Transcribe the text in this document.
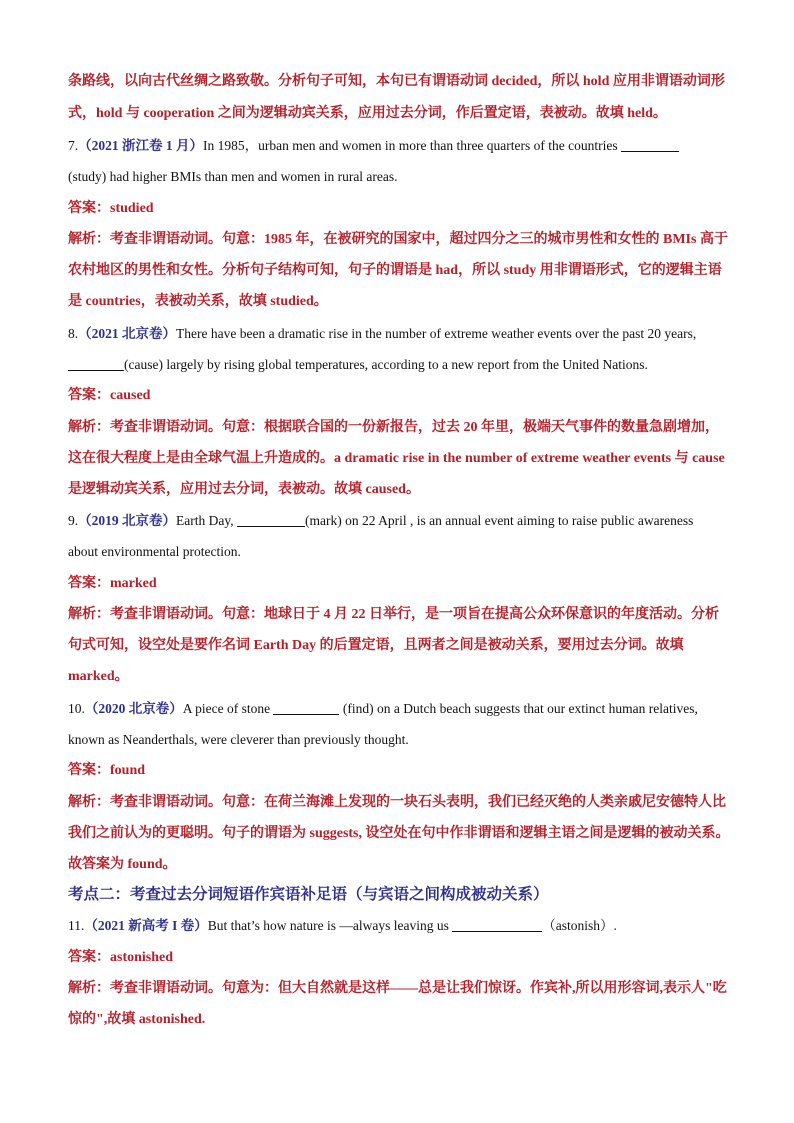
条路线，以向古代丝绸之路致敬。分析句子可知，本句已有谓语动词 decided，所以 hold 应用非谓语动词形
式，hold 与 cooperation 之间为逻辑动宾关系，应用过去分词，作后置定语，表被动。故填 held。
7.（2021 浙江卷 1 月）In 1985，urban men and women in more than three quarters of the countries
(study) had higher BMIs than men and women in rural areas.
答案：studied
解析：考查非谓语动词。句意：1985 年，在被研究的国家中，超过四分之三的城市男性和女性的 BMIs 高于
农村地区的男性和女性。分析句子结构可知，句子的谓语是 had，所以 study 用非谓语形式，它的逻辑主语
是 countries，表被动关系，故填 studied。
8.（2021 北京卷）There have been a dramatic rise in the number of extreme weather events over the past 20 years,
(cause) largely by rising global temperatures, according to a new report from the United Nations.
答案：caused
解析：考查非谓语动词。句意：根据联合国的一份新报告，过去 20 年里，极端天气事件的数量急剧增加，
这在很大程度上是由全球气温上升造成的。a dramatic rise in the number of extreme weather events 与 cause
是逻辑动宾关系，应用过去分词，表被动。故填 caused。
9.（2019 北京卷）Earth Day,	(mark) on 22 April , is an annual event aiming to raise public awareness
about environmental protection.
答案：marked
解析：考查非谓语动词。句意：地球日于 4 月 22 日举行，是一项旨在提高公众环保意识的年度活动。分析
句式可知，设空处是要作名词 Earth Day 的后置定语，且两者之间是被动关系，要用过去分词。故填
marked。
10.（2020 北京卷）A piece of stone	(find) on a Dutch beach suggests that our extinct human relatives,
known as Neanderthals, were cleverer than previously thought.
答案：found
解析：考查非谓语动词。句意：在荷兰海滩上发现的一块石头表明，我们已经灭绝的人类亲戚尼安德特人比
我们之前认为的更聪明。句子的谓语为 suggests, 设空处在句中作非谓语和逻辑主语之间是逻辑的被动关系。
故答案为 found。
考点二：考查过去分词短语作宾语补足语（与宾语之间构成被动关系）
11.（2021 新高考 I 卷）But that’s how nature is —always leaving us	（astonish）.
答案：astonished
解析：考查非谓语动词。句意为：但大自然就是这样——总是让我们惊讶。作宾补,所以用形容词,表示人"吃
惊的",故填 astonished.
